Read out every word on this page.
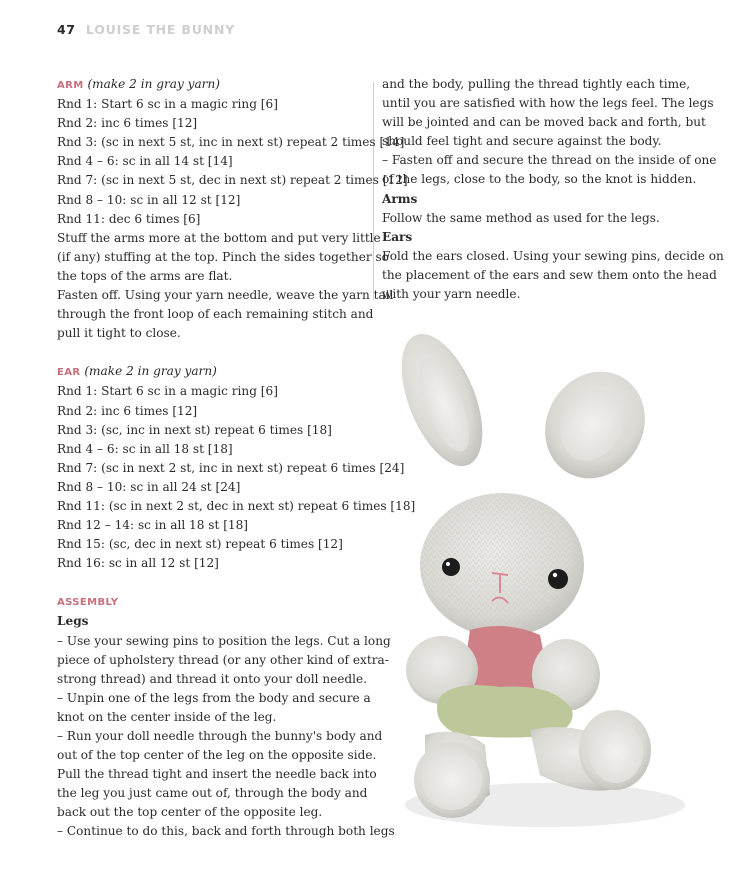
47 LOUISE THE BUNNY
ARM (make 2 in gray yarn)
Rnd 1: Start 6 sc in a magic ring [6]
Rnd 2: inc 6 times [12]
Rnd 3: (sc in next 5 st, inc in next st) repeat 2 times [14]
Rnd 4 – 6: sc in all 14 st [14]
Rnd 7: (sc in next 5 st, dec in next st) repeat 2 times [12]
Rnd 8 – 10: sc in all 12 st [12]
Rnd 11: dec 6 times [6]
Stuff the arms more at the bottom and put very little
(if any) stuffing at the top. Pinch the sides together so
the tops of the arms are flat.
Fasten off. Using your yarn needle, weave the yarn tail
through the front loop of each remaining stitch and
pull it tight to close.
EAR (make 2 in gray yarn)
Rnd 1: Start 6 sc in a magic ring [6]
Rnd 2: inc 6 times [12]
Rnd 3: (sc, inc in next st) repeat 6 times [18]
Rnd 4 – 6: sc in all 18 st [18]
Rnd 7: (sc in next 2 st, inc in next st) repeat 6 times [24]
Rnd 8 – 10: sc in all 24 st [24]
Rnd 11: (sc in next 2 st, dec in next st) repeat 6 times [18]
Rnd 12 – 14: sc in all 18 st [18]
Rnd 15: (sc, dec in next st) repeat 6 times [12]
Rnd 16: sc in all 12 st [12]
ASSEMBLY
Legs
– Use your sewing pins to position the legs. Cut a long
piece of upholstery thread (or any other kind of extra-
strong thread) and thread it onto your doll needle.
– Unpin one of the legs from the body and secure a
knot on the center inside of the leg.
– Run your doll needle through the bunny's body and
out of the top center of the leg on the opposite side.
Pull the thread tight and insert the needle back into
the leg you just came out of, through the body and
back out the top center of the opposite leg.
– Continue to do this, back and forth through both legs
and the body, pulling the thread tightly each time,
until you are satisfied with how the legs feel. The legs
will be jointed and can be moved back and forth, but
should feel tight and secure against the body.
– Fasten off and secure the thread on the inside of one
of the legs, close to the body, so the knot is hidden.
Arms
Follow the same method as used for the legs.
Ears
Fold the ears closed. Using your sewing pins, decide on
the placement of the ears and sew them onto the head
with your yarn needle.
